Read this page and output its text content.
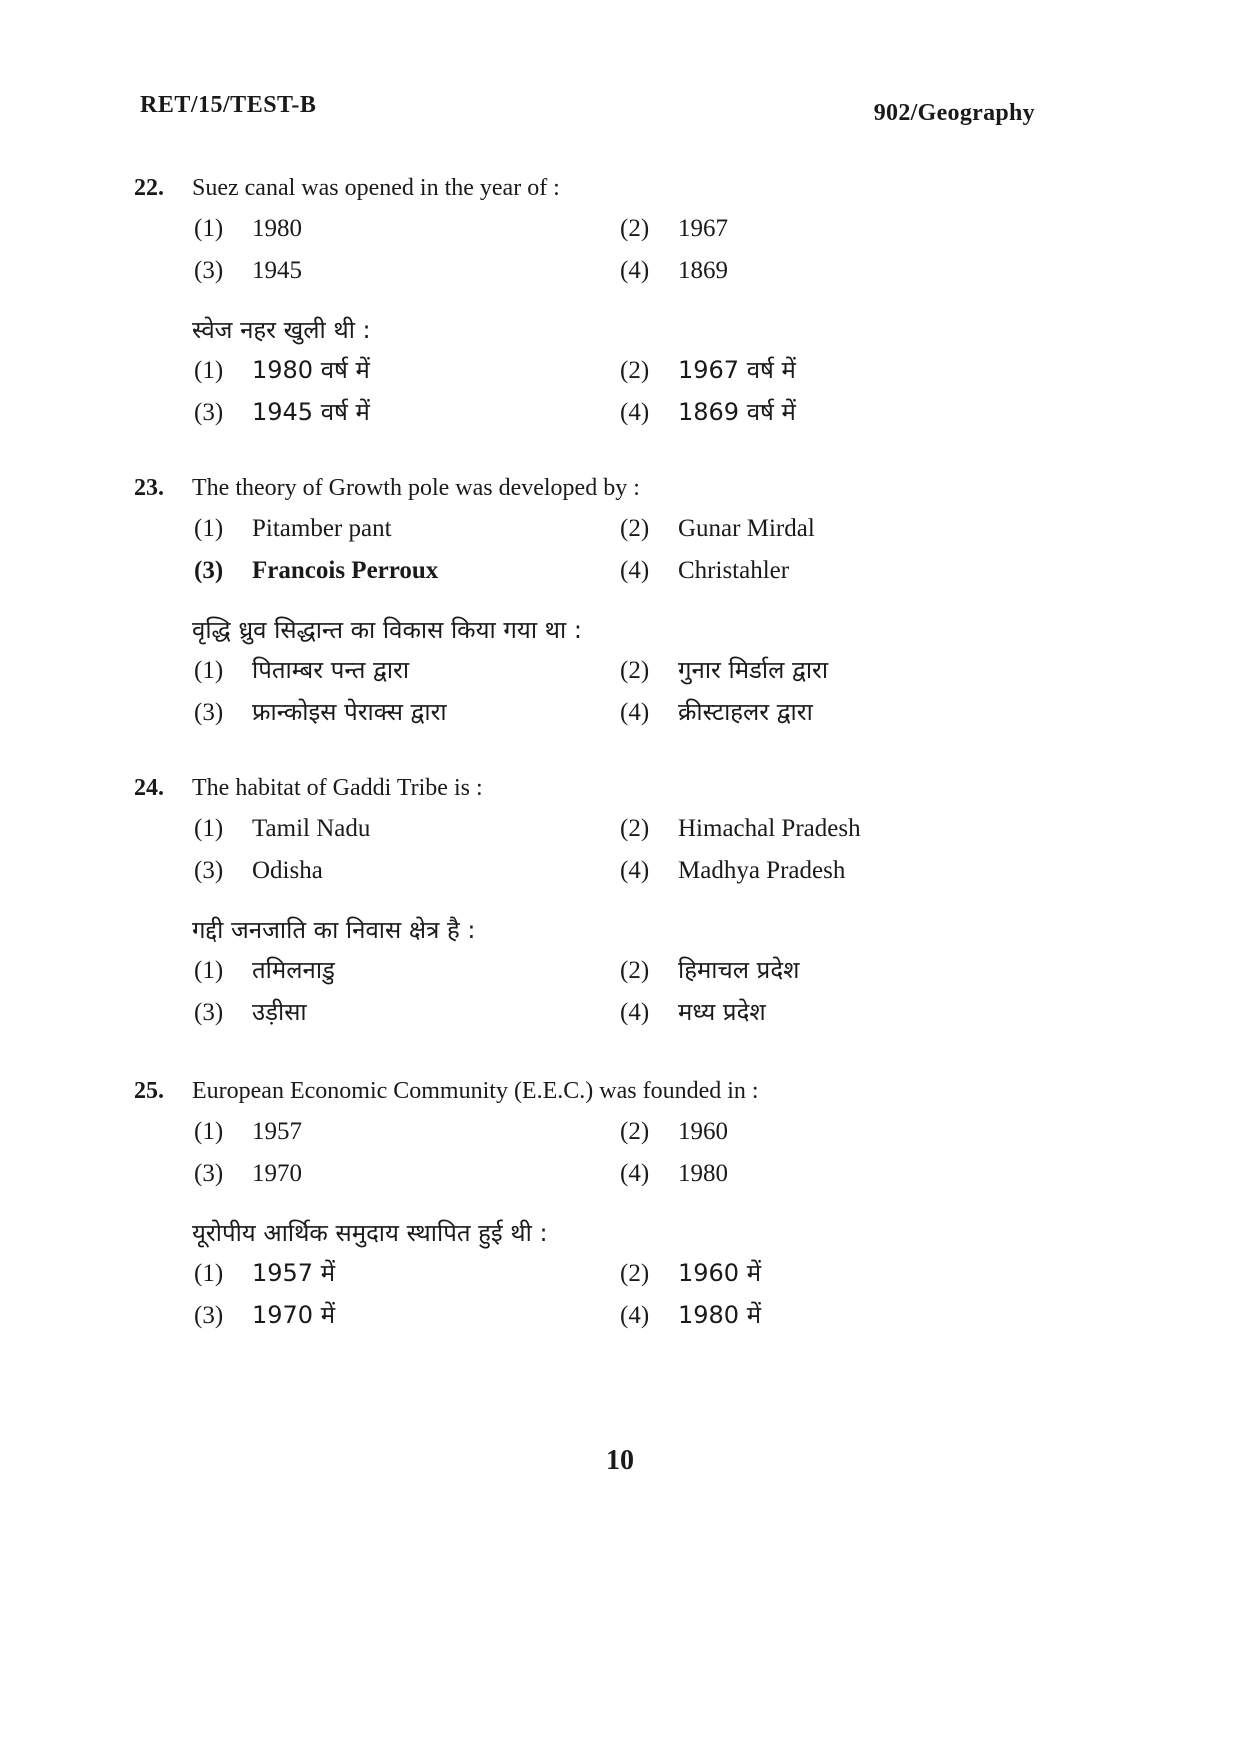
RET/15/TEST-B	902/Geography
22. Suez canal was opened in the year of :
(1) 1980	(2) 1967
(3) 1945	(4) 1869
स्वेज नहर खुली थी :
(1) 1980 वर्ष में	(2) 1967 वर्ष में
(3) 1945 वर्ष में	(4) 1869 वर्ष में
23. The theory of Growth pole was developed by :
(1) Pitamber pant	(2) Gunar Mirdal
(3) Francois Perroux	(4) Christahler
वृद्धि ध्रुव सिद्धान्त का विकास किया गया था :
(1) पिताम्बर पन्त द्वारा	(2) गुनार मिर्डाल द्वारा
(3) फ्रान्कोइस पेराक्स द्वारा	(4) क्रीस्टाहलर द्वारा
24. The habitat of Gaddi Tribe is :
(1) Tamil Nadu	(2) Himachal Pradesh
(3) Odisha	(4) Madhya Pradesh
गद्दी जनजाति का निवास क्षेत्र है :
(1) तमिलनाडु	(2) हिमाचल प्रदेश
(3) उड़ीसा	(4) मध्य प्रदेश
25. European Economic Community (E.E.C.) was founded in :
(1) 1957	(2) 1960
(3) 1970	(4) 1980
यूरोपीय आर्थिक समुदाय स्थापित हुई थी :
(1) 1957 में	(2) 1960 में
(3) 1970 में	(4) 1980 में
10
